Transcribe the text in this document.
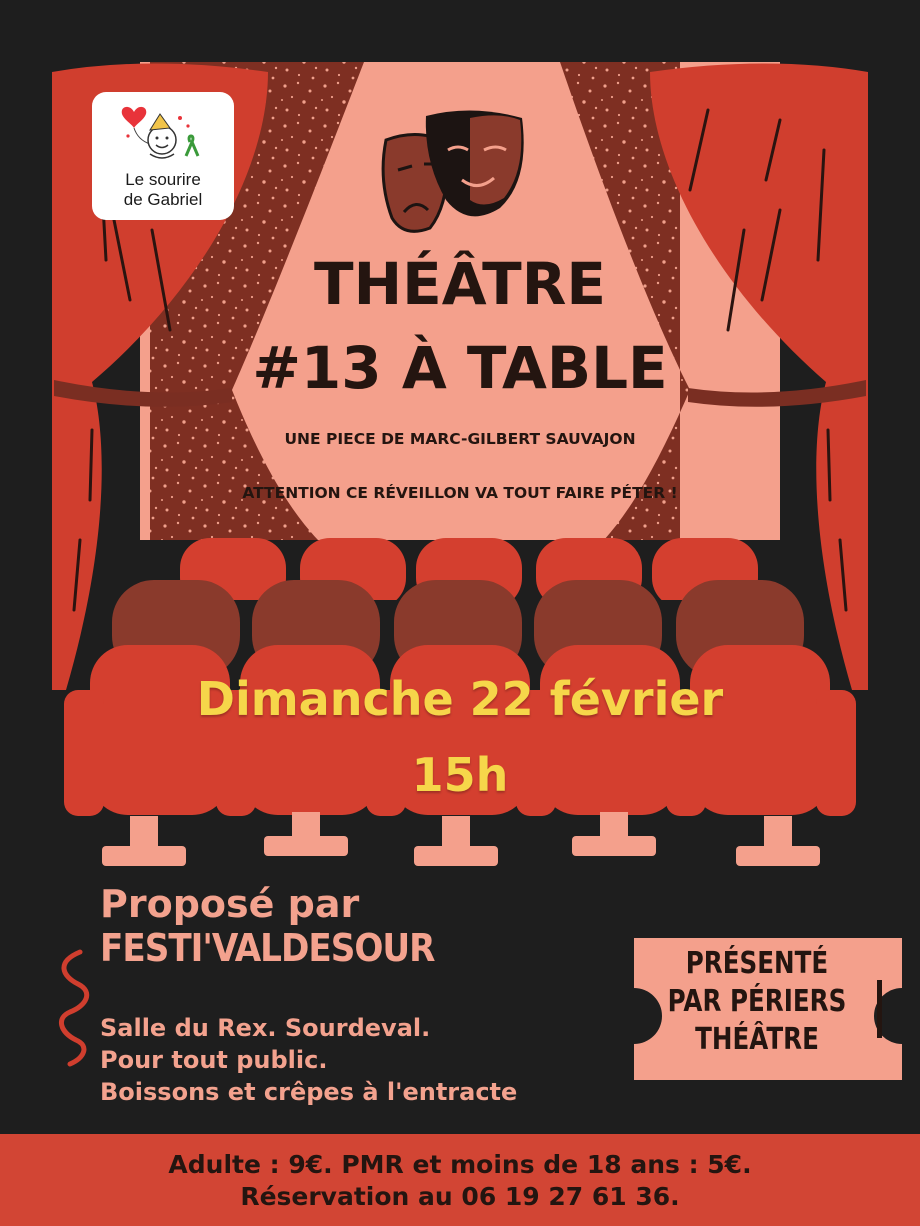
Le sourire

de Gabriel

THÉÂTRE

#13 À TABLE

UNE PIECE DE MARC-GILBERT SAUVAJON

ATTENTION CE RÉVEILLON VA TOUT FAIRE PÉTER !

Dimanche 22 février

15h

Proposé par

FESTI'VALDESOUR

Salle du Rex. Sourdeval.

Pour tout public.

Boissons et crêpes à l'entracte

PRÉSENTÉ

PAR PÉRIERS

THÉÂTRE

Adulte : 9€. PMR et moins de 18 ans : 5€.

Réservation au 06 19 27 61 36.
